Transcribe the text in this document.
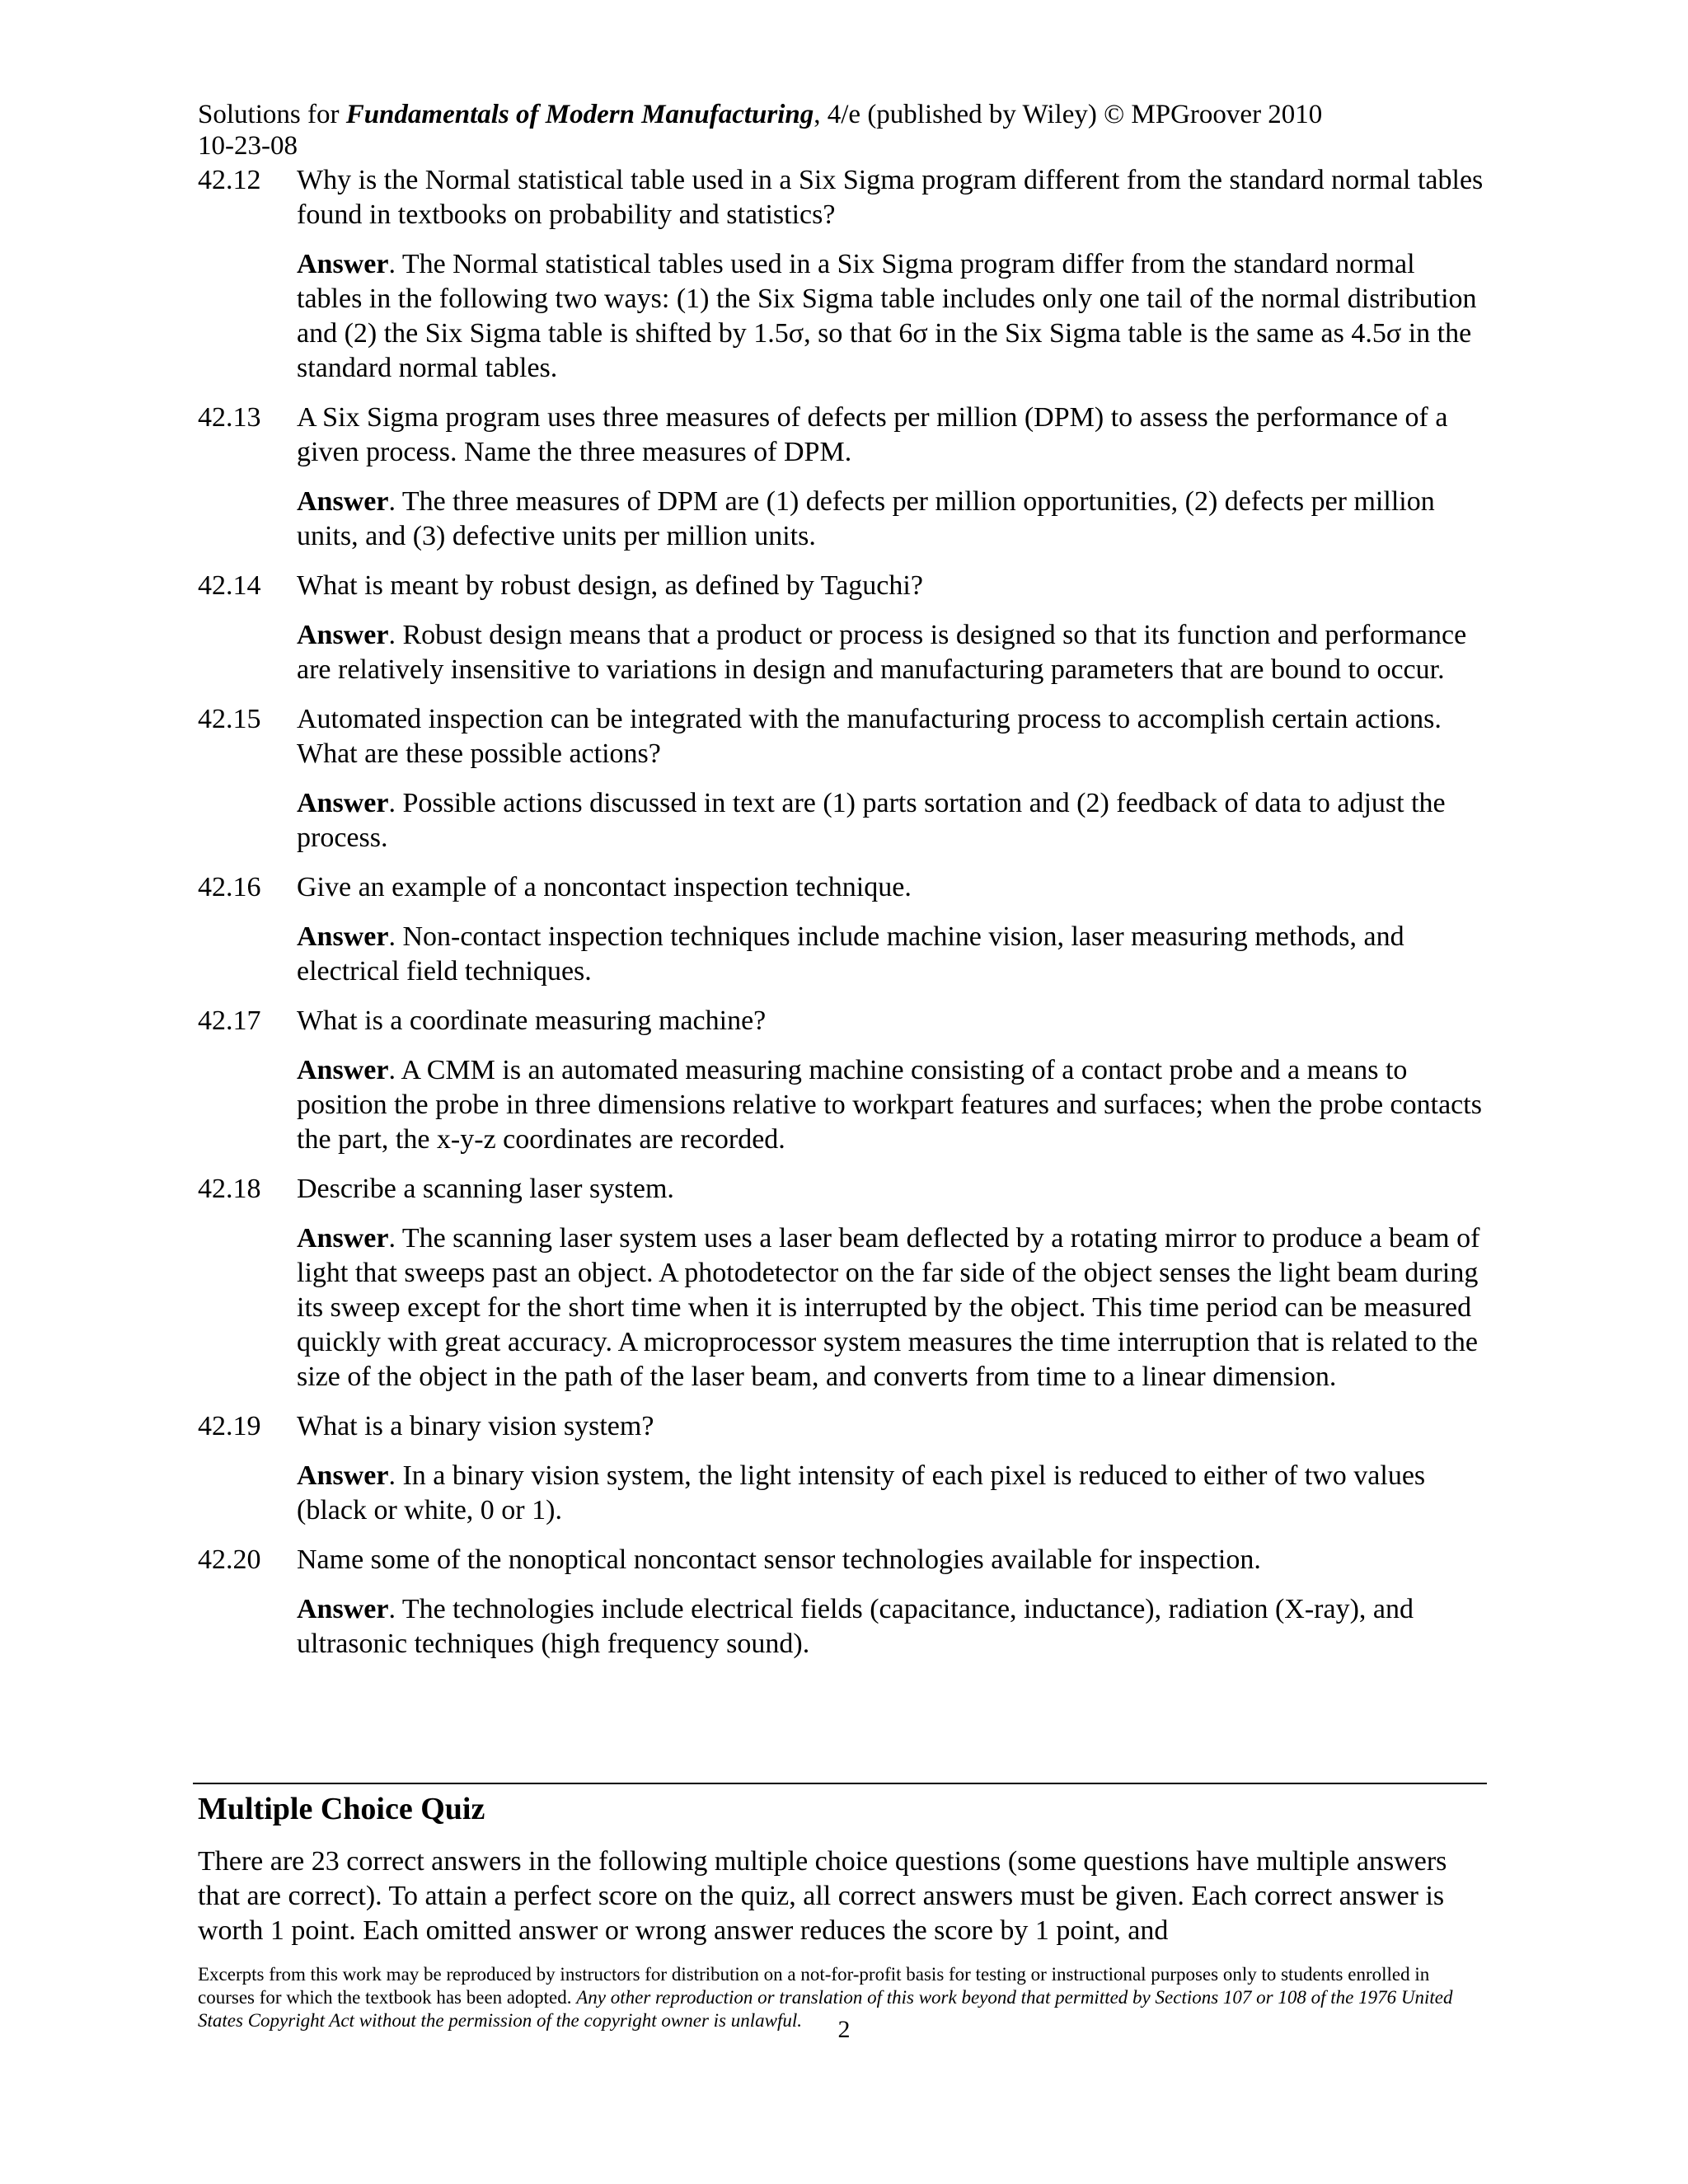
Solutions for Fundamentals of Modern Manufacturing, 4/e (published by Wiley) © MPGroover 2010
10-23-08
42.12	Why is the Normal statistical table used in a Six Sigma program different from the standard normal tables found in textbooks on probability and statistics?
Answer. The Normal statistical tables used in a Six Sigma program differ from the standard normal tables in the following two ways: (1) the Six Sigma table includes only one tail of the normal distribution and (2) the Six Sigma table is shifted by 1.5σ, so that 6σ in the Six Sigma table is the same as 4.5σ in the standard normal tables.
42.13	A Six Sigma program uses three measures of defects per million (DPM) to assess the performance of a given process. Name the three measures of DPM.
Answer. The three measures of DPM are (1) defects per million opportunities, (2) defects per million units, and (3) defective units per million units.
42.14	What is meant by robust design, as defined by Taguchi?
Answer. Robust design means that a product or process is designed so that its function and performance are relatively insensitive to variations in design and manufacturing parameters that are bound to occur.
42.15	Automated inspection can be integrated with the manufacturing process to accomplish certain actions. What are these possible actions?
Answer. Possible actions discussed in text are (1) parts sortation and (2) feedback of data to adjust the process.
42.16	Give an example of a noncontact inspection technique.
Answer. Non-contact inspection techniques include machine vision, laser measuring methods, and electrical field techniques.
42.17	What is a coordinate measuring machine?
Answer. A CMM is an automated measuring machine consisting of a contact probe and a means to position the probe in three dimensions relative to workpart features and surfaces; when the probe contacts the part, the x-y-z coordinates are recorded.
42.18	Describe a scanning laser system.
Answer. The scanning laser system uses a laser beam deflected by a rotating mirror to produce a beam of light that sweeps past an object. A photodetector on the far side of the object senses the light beam during its sweep except for the short time when it is interrupted by the object. This time period can be measured quickly with great accuracy. A microprocessor system measures the time interruption that is related to the size of the object in the path of the laser beam, and converts from time to a linear dimension.
42.19	What is a binary vision system?
Answer. In a binary vision system, the light intensity of each pixel is reduced to either of two values (black or white, 0 or 1).
42.20	Name some of the nonoptical noncontact sensor technologies available for inspection.
Answer. The technologies include electrical fields (capacitance, inductance), radiation (X-ray), and ultrasonic techniques (high frequency sound).
Multiple Choice Quiz
There are 23 correct answers in the following multiple choice questions (some questions have multiple answers that are correct). To attain a perfect score on the quiz, all correct answers must be given. Each correct answer is worth 1 point. Each omitted answer or wrong answer reduces the score by 1 point, and
Excerpts from this work may be reproduced by instructors for distribution on a not-for-profit basis for testing or instructional purposes only to students enrolled in courses for which the textbook has been adopted. Any other reproduction or translation of this work beyond that permitted by Sections 107 or 108 of the 1976 United States Copyright Act without the permission of the copyright owner is unlawful.	2
